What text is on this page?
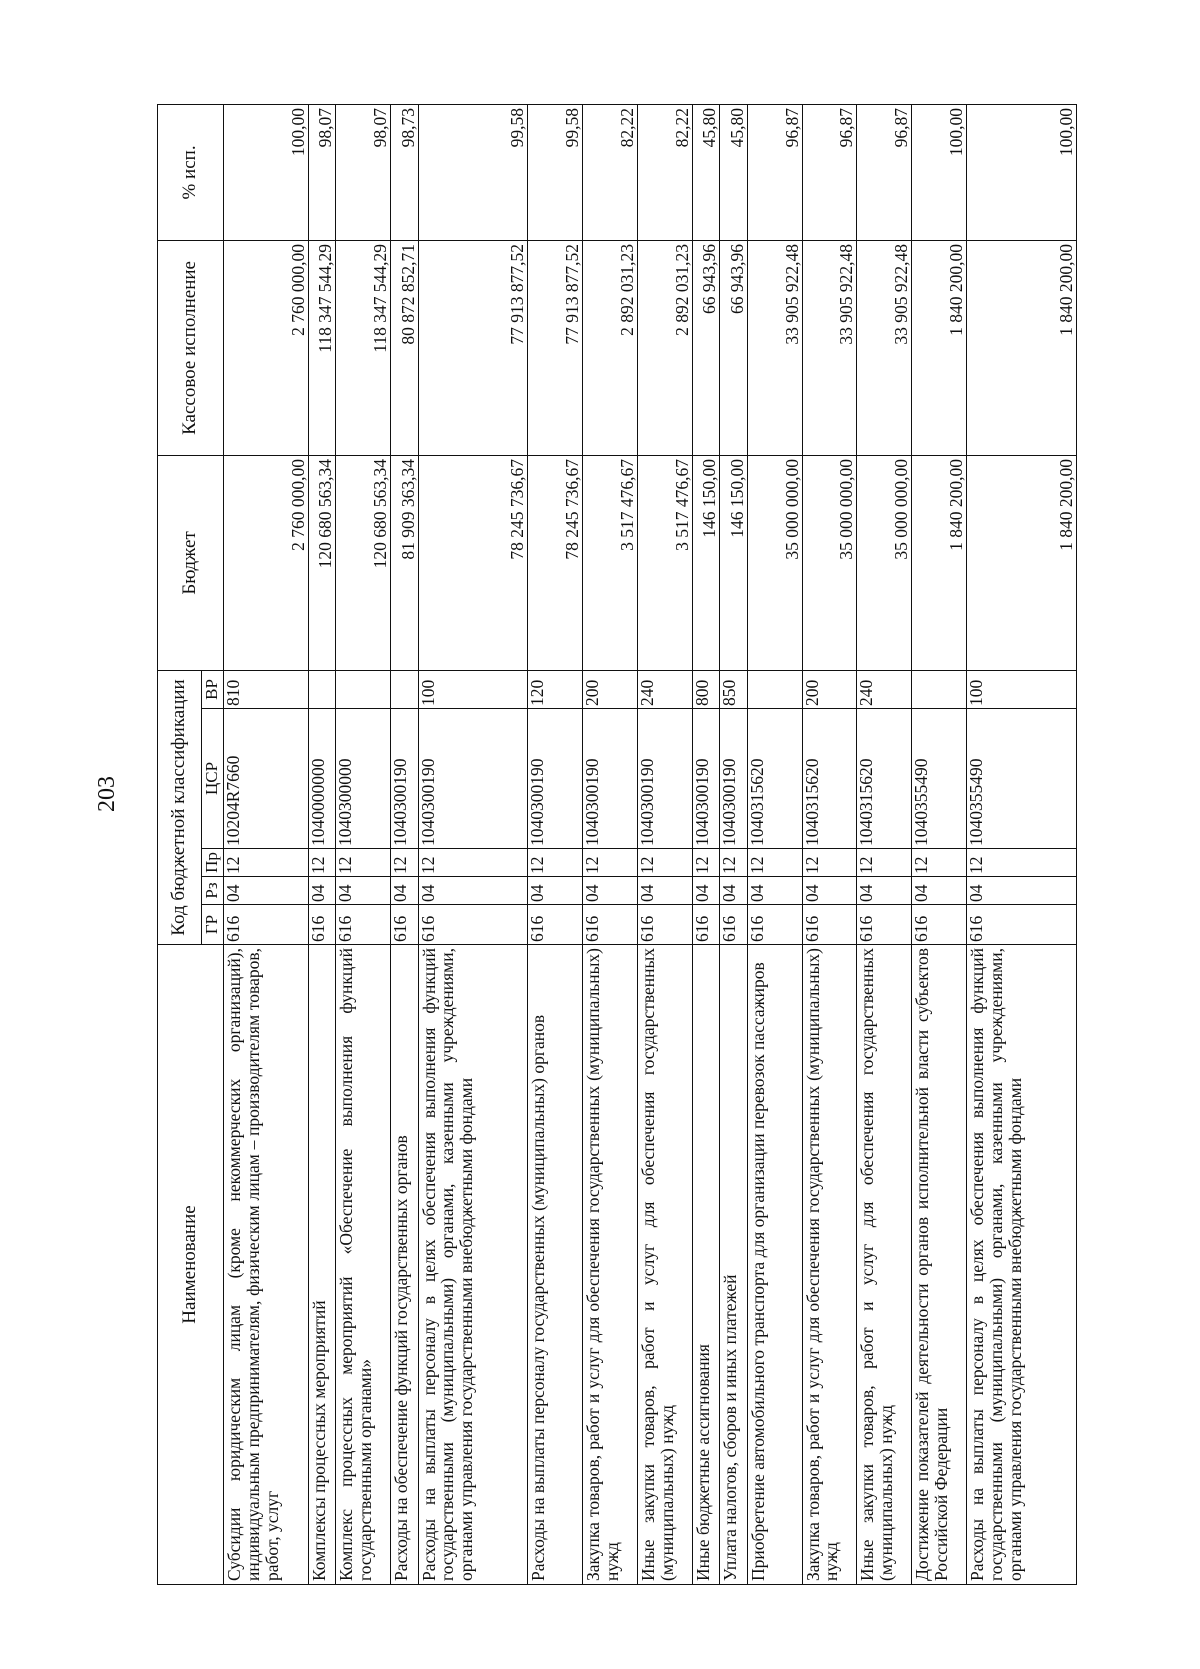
203
Наименование	Код бюджетной классификации					Бюджет	Кассовое исполнение	% исп.
	ГР	Рз	Пр	ЦСР	ВР			
Субсидии юридическим лицам (кроме некоммерческих организаций), индивидуальным предпринимателям, физическим лицам – производителям товаров, работ, услуг	616	04	12	10204R7660	810	2 760 000,00	2 760 000,00	100,00
Комплексы процессных мероприятий	616	04	12	1040000000		120 680 563,34	118 347 544,29	98,07
Комплекс процессных мероприятий «Обеспечение выполнения функций государственными органами»	616	04	12	1040300000		120 680 563,34	118 347 544,29	98,07
Расходы на обеспечение функций государственных органов	616	04	12	1040300190		81 909 363,34	80 872 852,71	98,73
Расходы на выплаты персоналу в целях обеспечения выполнения функций государственными (муниципальными) органами, казенными учреждениями, органами управления государственными внебюджетными фондами	616	04	12	1040300190	100	78 245 736,67	77 913 877,52	99,58
Расходы на выплаты персоналу государственных (муниципальных) органов	616	04	12	1040300190	120	78 245 736,67	77 913 877,52	99,58
Закупка товаров, работ и услуг для обеспечения государственных (муниципальных) нужд	616	04	12	1040300190	200	3 517 476,67	2 892 031,23	82,22
Иные закупки товаров, работ и услуг для обеспечения государственных (муниципальных) нужд	616	04	12	1040300190	240	3 517 476,67	2 892 031,23	82,22
Иные бюджетные ассигнования	616	04	12	1040300190	800	146 150,00	66 943,96	45,80
Уплата налогов, сборов и иных платежей	616	04	12	1040300190	850	146 150,00	66 943,96	45,80
Приобретение автомобильного транспорта для организации перевозок пассажиров	616	04	12	1040315620		35 000 000,00	33 905 922,48	96,87
Закупка товаров, работ и услуг для обеспечения государственных (муниципальных) нужд	616	04	12	1040315620	200	35 000 000,00	33 905 922,48	96,87
Иные закупки товаров, работ и услуг для обеспечения государственных (муниципальных) нужд	616	04	12	1040315620	240	35 000 000,00	33 905 922,48	96,87
Достижение показателей деятельности органов исполнительной власти субъектов Российской Федерации	616	04	12	1040355490		1 840 200,00	1 840 200,00	100,00
Расходы на выплаты персоналу в целях обеспечения выполнения функций государственными (муниципальными) органами, казенными учреждениями, органами управления государственными внебюджетными фондами	616	04	12	1040355490	100	1 840 200,00	1 840 200,00	100,00
